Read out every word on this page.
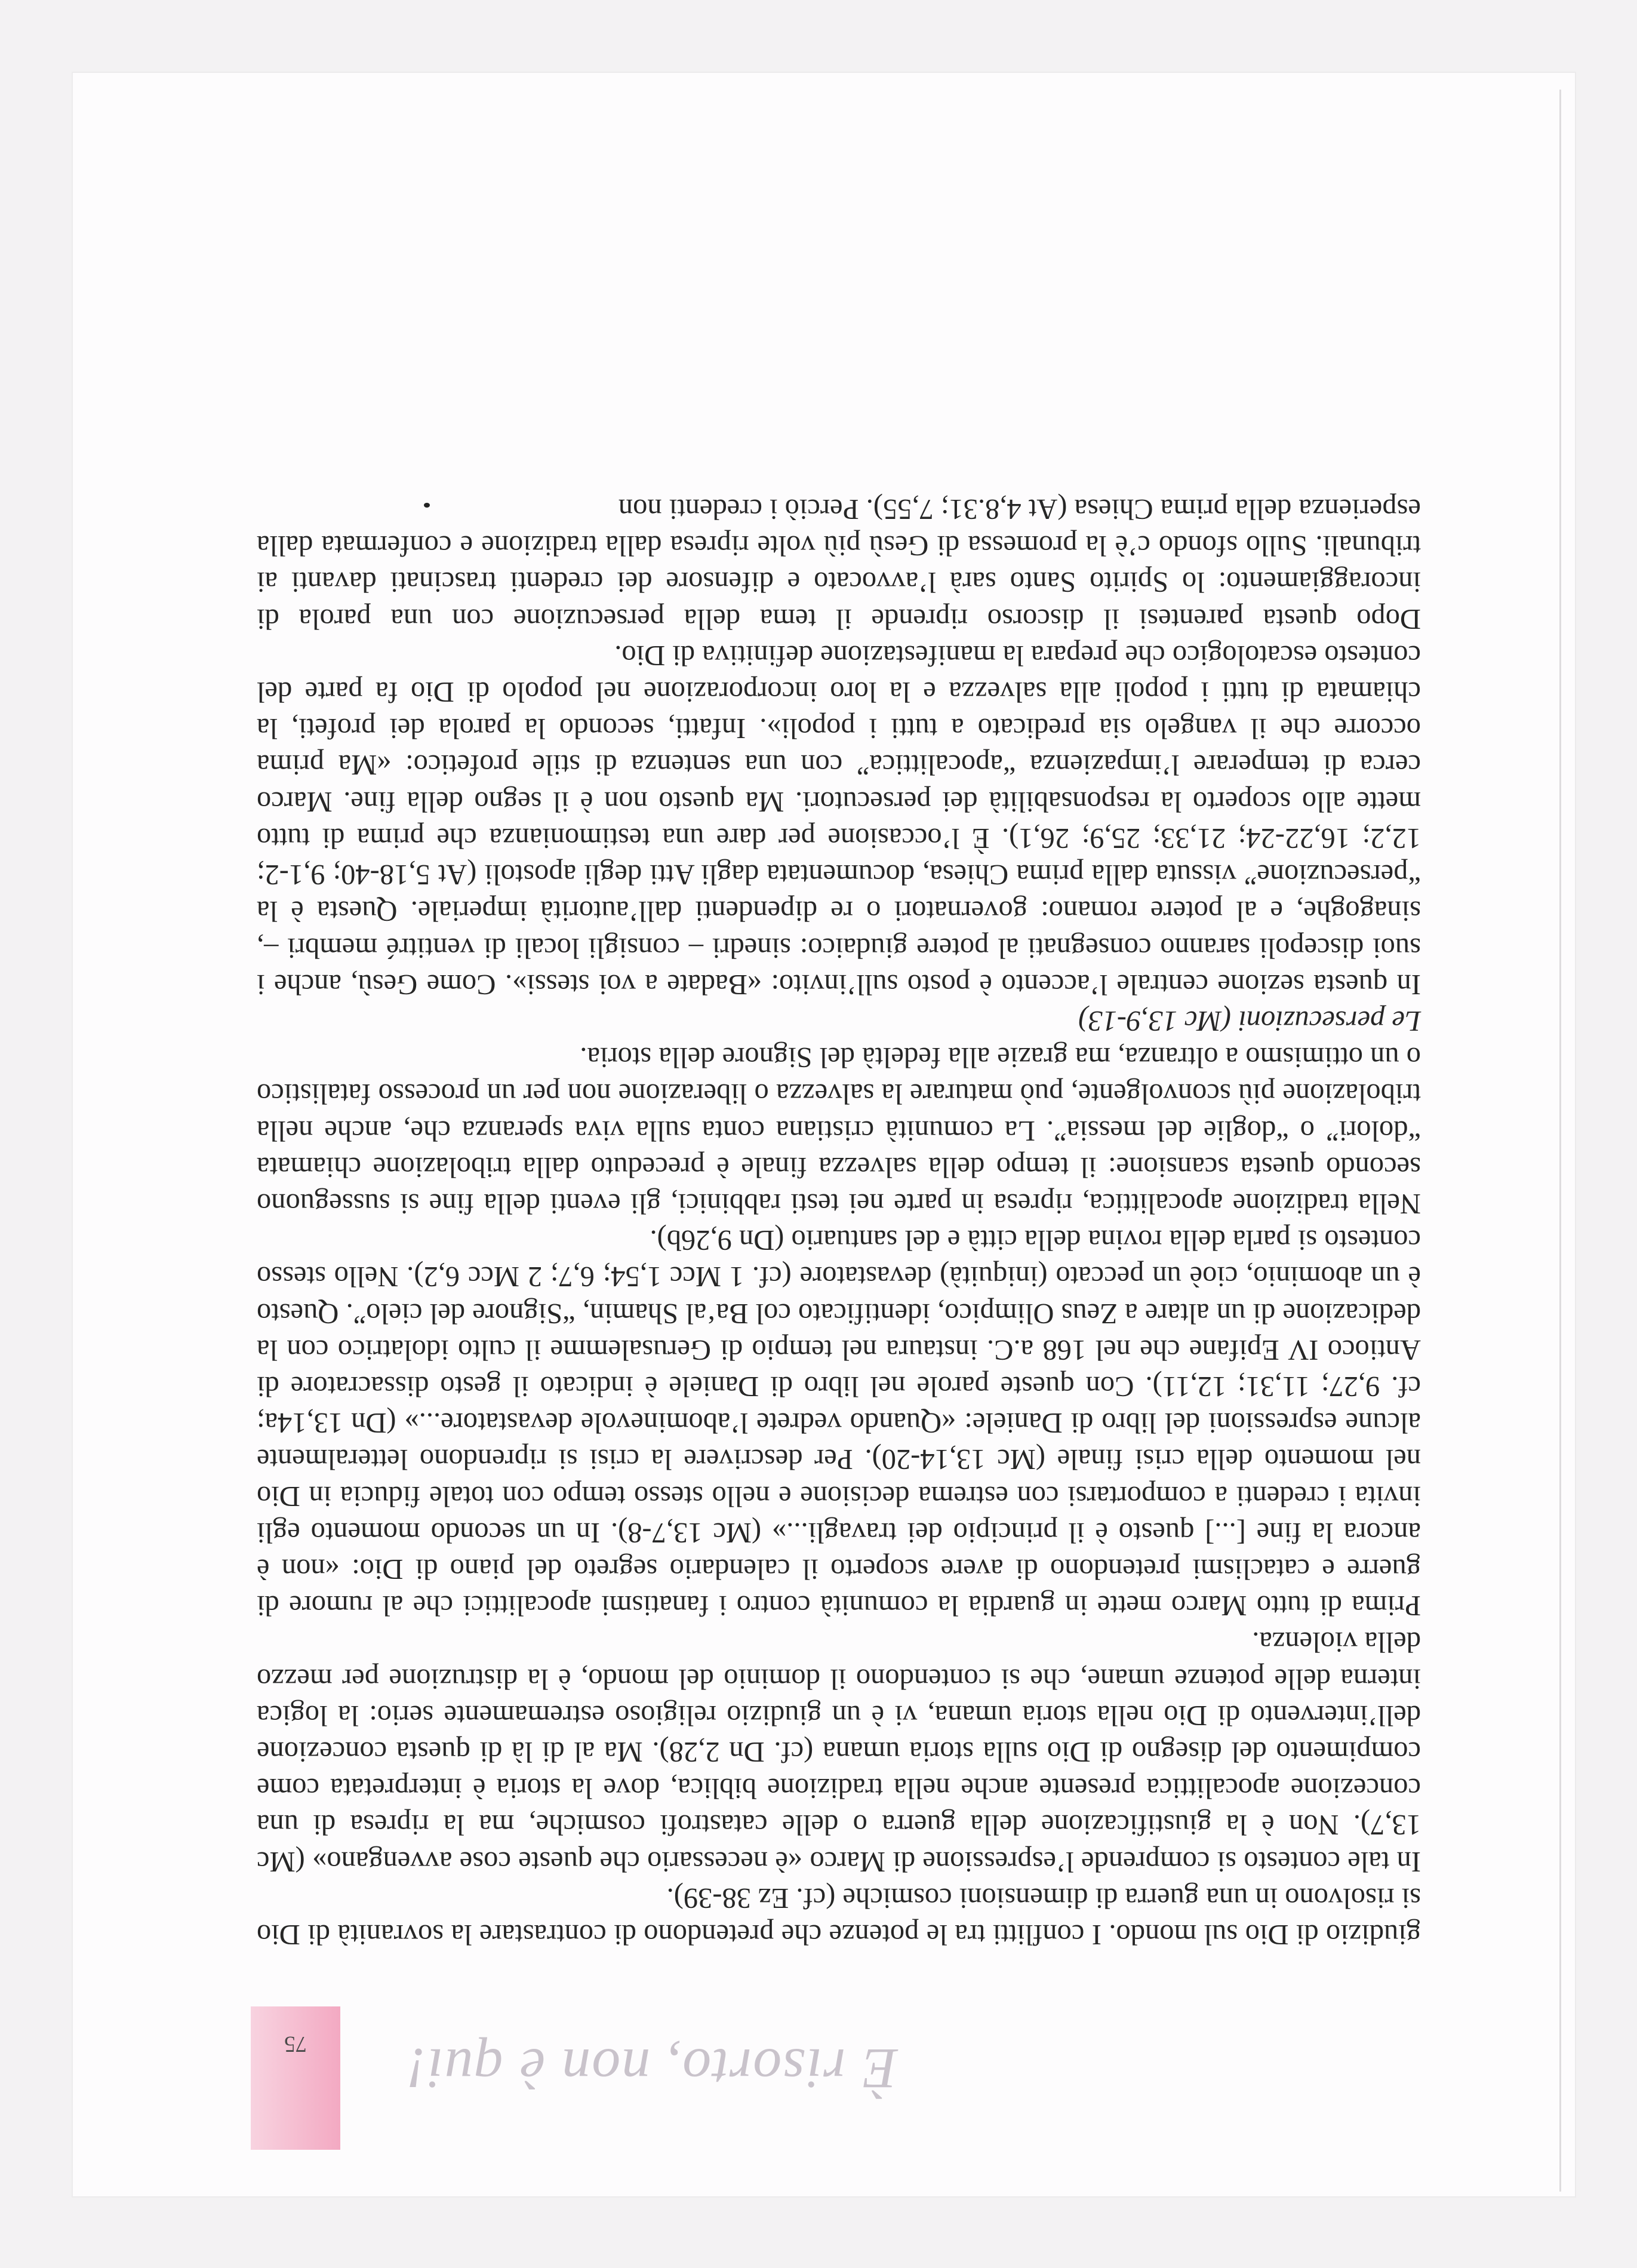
È risorto, non è qui!
75

giudizio di Dio sul mondo. I conflitti tra le potenze che pretendono di contrastare la sovranità di Dio si risolvono in una guerra di dimensioni cosmiche (cf. Ez 38-39).

In tale contesto si comprende l’espressione di Marco «è necessario che queste cose avvengano» (Mc 13,7). Non è la giustificazione della guerra o delle catastrofi cosmiche, ma la ripresa di una concezione apocalittica presente anche nella tradizione biblica, dove la storia è interpretata come compimento del disegno di Dio sulla storia umana (cf. Dn 2,28). Ma al di là di questa concezione dell’intervento di Dio nella storia umana, vi è un giudizio religioso estremamente serio: la logica interna delle potenze umane, che si contendono il dominio del mondo, è la distruzione per mezzo della violenza.

Prima di tutto Marco mette in guardia la comunità contro i fanatismi apocalittici che al rumore di guerre e cataclismi pretendono di avere scoperto il calendario segreto del piano di Dio: «non è ancora la fine [...] questo è il principio dei travagli...» (Mc 13,7-8). In un secondo momento egli invita i credenti a comportarsi con estrema decisione e nello stesso tempo con totale fiducia in Dio nel momento della crisi finale (Mc 13,14-20). Per descrivere la crisi si riprendono letteralmente alcune espressioni del libro di Daniele: «Quando vedrete l’abominevole devastatore...» (Dn 13,14a; cf. 9,27; 11,31; 12,11). Con queste parole nel libro di Daniele è indicato il gesto dissacratore di Antioco IV Epifane che nel 168 a.C. instaura nel tempio di Gerusalemme il culto idolatrico con la dedicazione di un altare a Zeus Olimpico, identificato col Ba‘al Shamin, “Signore del cielo”. Questo è un abominio, cioè un peccato (iniquità) devastatore (cf. 1 Mcc 1,54; 6,7; 2 Mcc 6,2). Nello stesso contesto si parla della rovina della città e del santuario (Dn 9,26b).

Nella tradizione apocalittica, ripresa in parte nei testi rabbinici, gli eventi della fine si susseguono secondo questa scansione: il tempo della salvezza finale è preceduto dalla tribolazione chiamata “dolori” o “doglie del messia”. La comunità cristiana conta sulla viva speranza che, anche nella tribolazione più sconvolgente, può maturare la salvezza o liberazione non per un processo fatalistico o un ottimismo a oltranza, ma grazie alla fedeltà del Signore della storia.

Le persecuzioni (Mc 13,9-13)

In questa sezione centrale l’accento è posto sull’invito: «Badate a voi stessi». Come Gesù, anche i suoi discepoli saranno consegnati al potere giudaico: sinedri – consigli locali di ventitré membri –, sinagoghe, e al potere romano: governatori o re dipendenti dall’autorità imperiale. Questa è la “persecuzione” vissuta dalla prima Chiesa, documentata dagli Atti degli apostoli (At 5,18-40; 9,1-2; 12,2; 16,22-24; 21,33; 25,9; 26,1). È l’occasione per dare una testimonianza che prima di tutto mette allo scoperto la responsabilità dei persecutori. Ma questo non è il segno della fine. Marco cerca di temperare l’impazienza “apocalittica” con una sentenza di stile profetico: «Ma prima occorre che il vangelo sia predicato a tutti i popoli». Infatti, secondo la parola dei profeti, la chiamata di tutti i popoli alla salvezza e la loro incorporazione nel popolo di Dio fa parte del contesto escatologico che prepara la manifestazione definitiva di Dio.

Dopo questa parentesi il discorso riprende il tema della persecuzione con una parola di incoraggiamento: lo Spirito Santo sarà l’avvocato e difensore dei credenti trascinati davanti ai tribunali. Sullo sfondo c’è la promessa di Gesù più volte ripresa dalla tradizione e confermata dalla esperienza della prima Chiesa (At 4,8.31; 7,55). Perciò i credenti non
